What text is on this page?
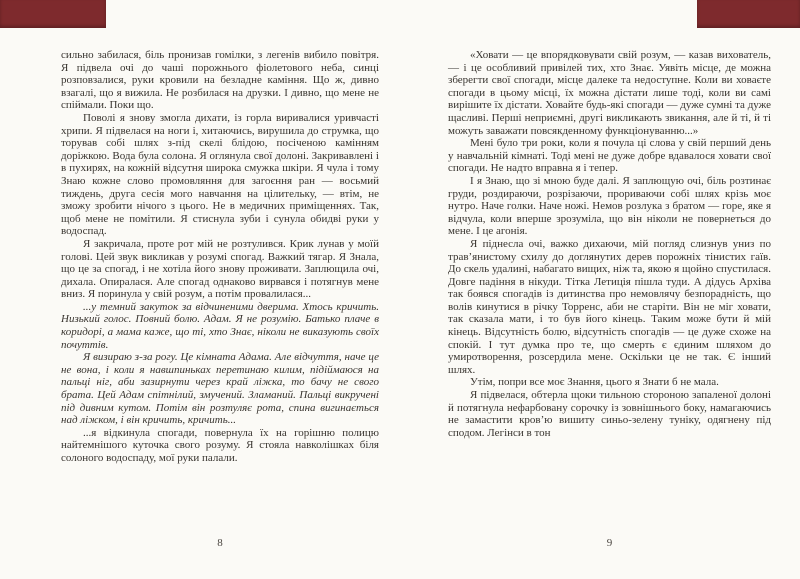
сильно забилася, біль пронизав гомілки, з легенів вибило повітря. Я підвела очі до чаші порожнього фіолетового неба, синці розповзалися, руки кровили на безладне каміння. Що ж, дивно взагалі, що я вижила. Не розбилася на друзки. І дивно, що мене не спіймали. Поки що.

Поволі я знову змогла дихати, із горла виривалися уривчасті хрипи. Я підвелася на ноги і, хитаючись, вирушила до струмка, що торував собі шлях з-під скелі блідою, посіченою камінням доріжкою. Вода була солона. Я оглянула свої долоні. Закривавлені і в пухирях, на кожній відсутня широка смужка шкіри. Я чула і тому Знаю кожне слово промовляння для загоєння ран — восьмий тиждень, друга сесія мого навчання на цілительку, — втім, не зможу зробити нічого з цього. Не в медичних приміщеннях. Так, щоб мене не помітили. Я стиснула зуби і сунула обидві руки у водоспад.

Я закричала, проте рот мій не розтулився. Крик лунав у моїй голові. Цей звук викликав у розумі спогад. Важкий тягар. Я Знала, що це за спогад, і не хотіла його знову проживати. Заплющила очі, дихала. Опиралася. Але спогад однаково вирвався і потягнув мене вниз. Я поринула у свій розум, а потім провалилася...

...у темний закуток за відчиненими дверима. Хтось кричить. Низький голос. Повний болю. Адам. Я не розумію. Батько плаче в коридорі, а мама каже, що ті, хто Знає, ніколи не виказують своїх почуттів.

Я визираю з-за рогу. Це кімната Адама. Але відчуття, наче це не вона, і коли я навшпиньках перетинаю килим, підіймаюся на пальці ніг, аби зазирнути через край ліжка, то бачу не свого брата. Цей Адам спітнілий, змучений. Зламаний. Пальці викручені під дивним кутом. Потім він розтуляє рота, спина вигинається над ліжком, і він кричить, кричить...

...я відкинула спогади, повернула їх на горішню полицю найтемнішого куточка свого розуму. Я стояла навколішках біля солоного водоспаду, мої руки палали.

«Ховати — це впорядковувати свій розум, — казав вихователь, — і це особливий привілей тих, хто Знає. Уявіть місце, де можна зберегти свої спогади, місце далеке та недоступне. Коли ви ховаєте спогади в цьому місці, їх можна дістати лише тоді, коли ви самі вирішите їх дістати. Ховайте будь-які спогади — дуже сумні та дуже щасливі. Перші неприємні, другі викликають звикання, але й ті, й ті можуть заважати повсякденному функціонуванню...»

Мені було три роки, коли я почула ці слова у свій перший день у навчальній кімнаті. Тоді мені не дуже добре вдавалося ховати свої спогади. Не надто вправна я і тепер.

І я Знаю, що зі мною буде далі. Я заплющую очі, біль розтинає груди, роздираючи, розрізаючи, прориваючи собі шлях крізь моє нутро. Наче голки. Наче ножі. Немов розлука з братом — горе, яке я відчула, коли вперше зрозуміла, що він ніколи не повернеться до мене. І це агонія.

Я піднесла очі, важко дихаючи, мій погляд слизнув униз по трав’янистому схилу до доглянутих дерев порожніх тінистих гаїв. До скель удалині, набагато вищих, ніж та, якою я щойно спустилася. Довге падіння в нікуди. Тітка Летиція пішла туди. А дідусь Архіва так боявся спогадів із дитинства про немовлячу безпорадність, що волів кинутися в річку Торренс, аби не старіти. Він не міг ховати, так сказала мати, і то був його кінець. Таким може бути й мій кінець. Відсутність болю, відсутність спогадів — це дуже схоже на спокій. І тут думка про те, що смерть є єдиним шляхом до умиротворення, розсердила мене. Оскільки це не так. Є інший шлях.

Утім, попри все моє Знання, цього я Знати б не мала.

Я підвелася, обтерла щоки тильною стороною запаленої долоні й потягнула нефарбовану сорочку із зовнішнього боку, намагаючись не замастити кров’ю вишиту синьо-зелену туніку, одягнену під сподом. Легінси в тон

8	9
